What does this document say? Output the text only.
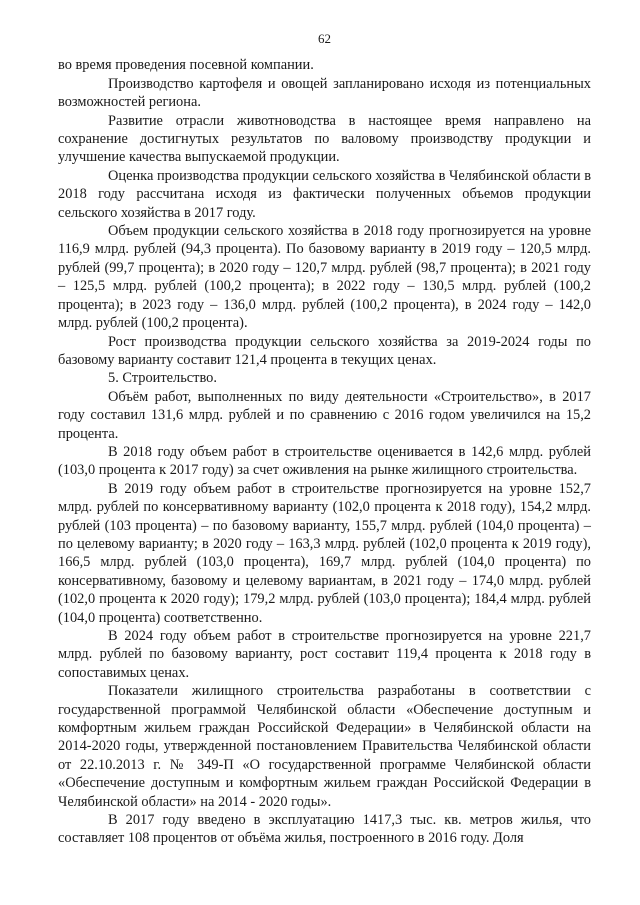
62

во время проведения посевной компании.

Производство картофеля и овощей запланировано исходя из потенциальных возможностей региона.

Развитие отрасли животноводства в настоящее время направлено на сохранение достигнутых результатов по валовому производству продукции и улучшение качества выпускаемой продукции.

Оценка производства продукции сельского хозяйства в Челябинской области в 2018 году рассчитана исходя из фактически полученных объемов продукции сельского хозяйства в 2017 году.

Объем продукции сельского хозяйства в 2018 году прогнозируется на уровне 116,9 млрд. рублей (94,3 процента). По базовому варианту в 2019 году – 120,5 млрд. рублей (99,7 процента); в 2020 году – 120,7 млрд. рублей (98,7 процента); в 2021 году – 125,5 млрд. рублей (100,2 процента); в 2022 году – 130,5 млрд. рублей (100,2 процента); в 2023 году – 136,0 млрд. рублей (100,2 процента), в 2024 году – 142,0 млрд. рублей (100,2 процента).

Рост производства продукции сельского хозяйства за 2019-2024 годы по базовому варианту составит 121,4 процента в текущих ценах.

5. Строительство.

Объём работ, выполненных по виду деятельности «Строительство», в 2017 году составил 131,6 млрд. рублей и по сравнению с 2016 годом увеличился на 15,2 процента.

В 2018 году объем работ в строительстве оценивается в 142,6 млрд. рублей (103,0 процента к 2017 году) за счет оживления на рынке жилищного строительства.

В 2019 году объем работ в строительстве прогнозируется на уровне 152,7 млрд. рублей по консервативному варианту (102,0 процента к 2018 году), 154,2 млрд. рублей (103 процента) – по базовому варианту, 155,7 млрд. рублей (104,0 процента) – по целевому варианту; в 2020 году – 163,3 млрд. рублей (102,0 процента к 2019 году), 166,5 млрд. рублей (103,0 процента), 169,7 млрд. рублей (104,0 процента) по консервативному, базовому и целевому вариантам, в 2021 году – 174,0 млрд. рублей (102,0 процента к 2020 году); 179,2 млрд. рублей (103,0 процента); 184,4 млрд. рублей (104,0 процента) соответственно.

В 2024 году объем работ в строительстве прогнозируется на уровне 221,7 млрд. рублей по базовому варианту, рост составит 119,4 процента к 2018 году в сопоставимых ценах.

Показатели жилищного строительства разработаны в соответствии с государственной программой Челябинской области «Обеспечение доступным и комфортным жильем граждан Российской Федерации» в Челябинской области на 2014-2020 годы, утвержденной постановлением Правительства Челябинской области от 22.10.2013 г. № 349-П «О государственной программе Челябинской области «Обеспечение доступным и комфортным жильем граждан Российской Федерации в Челябинской области» на 2014 - 2020 годы».

В 2017 году введено в эксплуатацию 1417,3 тыс. кв. метров жилья, что составляет 108 процентов от объёма жилья, построенного в 2016 году. Доля
